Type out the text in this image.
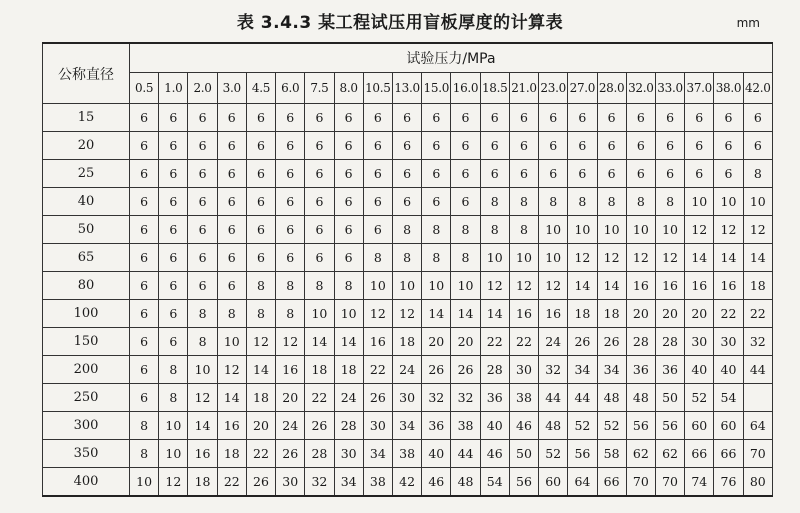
表 3.4.3 某工程试压用盲板厚度的计算表	mm
公称直径	试验压力/MPa																					
	0.5	1.0	2.0	3.0	4.5	6.0	7.5	8.0	10.5	13.0	15.0	16.0	18.5	21.0	23.0	27.0	28.0	32.0	33.0	37.0	38.0	42.0
15	6	6	6	6	6	6	6	6	6	6	6	6	6	6	6	6	6	6	6	6	6	6
20	6	6	6	6	6	6	6	6	6	6	6	6	6	6	6	6	6	6	6	6	6	6
25	6	6	6	6	6	6	6	6	6	6	6	6	6	6	6	6	6	6	6	6	6	8
40	6	6	6	6	6	6	6	6	6	6	6	6	8	8	8	8	8	8	8	10	10	10
50	6	6	6	6	6	6	6	6	6	8	8	8	8	8	10	10	10	10	10	12	12	12
65	6	6	6	6	6	6	6	6	8	8	8	8	10	10	10	12	12	12	12	14	14	14
80	6	6	6	6	8	8	8	8	10	10	10	10	12	12	12	14	14	16	16	16	16	18
100	6	6	8	8	8	8	10	10	12	12	14	14	14	16	16	18	18	20	20	20	22	22
150	6	6	8	10	12	12	14	14	16	18	20	20	22	22	24	26	26	28	28	30	30	32
200	6	8	10	12	14	16	18	18	22	24	26	26	28	30	32	34	34	36	36	40	40	44
250	6	8	12	14	18	20	22	24	26	30	32	32	36	38	44	44	48	48	50	52	54	
300	8	10	14	16	20	24	26	28	30	34	36	38	40	46	48	52	52	56	56	60	60	64
350	8	10	16	18	22	26	28	30	34	38	40	44	46	50	52	56	58	62	62	66	66	70
400	10	12	18	22	26	30	32	34	38	42	46	48	54	56	60	64	66	70	70	74	76	80
